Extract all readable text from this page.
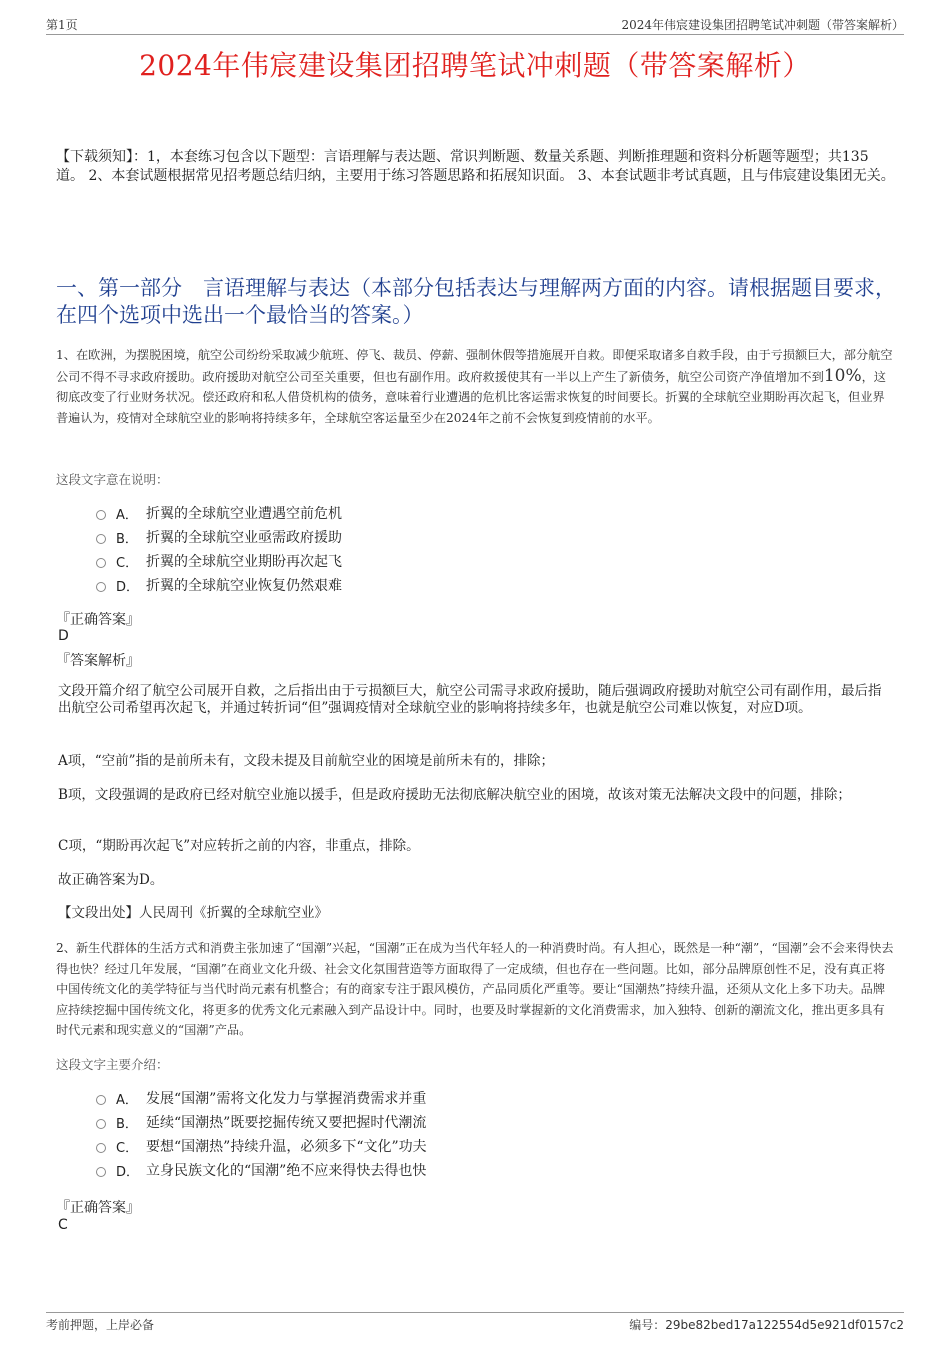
第1页	2024年伟宸建设集团招聘笔试冲刺题（带答案解析）
2024年伟宸建设集团招聘笔试冲刺题（带答案解析）
【下载须知】：1，本套练习包含以下题型：言语理解与表达题、常识判断题、数量关系题、判断推理题和资料分析题等题型；共135道。 2、本套试题根据常见招考题总结归纳，主要用于练习答题思路和拓展知识面。 3、本套试题非考试真题，且与伟宸建设集团无关。
一、第一部分　言语理解与表达（本部分包括表达与理解两方面的内容。请根据题目要求，在四个选项中选出一个最恰当的答案。）
1、在欧洲，为摆脱困境，航空公司纷纷采取减少航班、停飞、裁员、停薪、强制休假等措施展开自救。即便采取诸多自救手段，由于亏损额巨大，部分航空公司不得不寻求政府援助。政府援助对航空公司至关重要，但也有副作用。政府救援使其有一半以上产生了新债务，航空公司资产净值增加不到10%，这彻底改变了行业财务状况。偿还政府和私人借贷机构的债务，意味着行业遭遇的危机比客运需求恢复的时间要长。折翼的全球航空业期盼再次起飞，但业界普遍认为，疫情对全球航空业的影响将持续多年，全球航空客运量至少在2024年之前不会恢复到疫情前的水平。
这段文字意在说明：
A． 折翼的全球航空业遭遇空前危机
B． 折翼的全球航空业亟需政府援助
C． 折翼的全球航空业期盼再次起飞
D． 折翼的全球航空业恢复仍然艰难
『正确答案』
D
『答案解析』
文段开篇介绍了航空公司展开自救，之后指出由于亏损额巨大，航空公司需寻求政府援助，随后强调政府援助对航空公司有副作用，最后指出航空公司希望再次起飞，并通过转折词“但”强调疫情对全球航空业的影响将持续多年，也就是航空公司难以恢复，对应D项。
A项，“空前”指的是前所未有，文段未提及目前航空业的困境是前所未有的，排除；
B项，文段强调的是政府已经对航空业施以援手，但是政府援助无法彻底解决航空业的困境，故该对策无法解决文段中的问题，排除；
C项，“期盼再次起飞”对应转折之前的内容，非重点，排除。
故正确答案为D。
【文段出处】人民周刊《折翼的全球航空业》
2、新生代群体的生活方式和消费主张加速了“国潮”兴起，“国潮”正在成为当代年轻人的一种消费时尚。有人担心，既然是一种“潮”，“国潮”会不会来得快去得也快？经过几年发展，“国潮”在商业文化升级、社会文化氛围营造等方面取得了一定成绩，但也存在一些问题。比如，部分品牌原创性不足，没有真正将中国传统文化的美学特征与当代时尚元素有机整合；有的商家专注于跟风模仿，产品同质化严重等。要让“国潮热”持续升温，还须从文化上多下功夫。品牌应持续挖掘中国传统文化，将更多的优秀文化元素融入到产品设计中。同时，也要及时掌握新的文化消费需求，加入独特、创新的潮流文化，推出更多具有时代元素和现实意义的“国潮”产品。
这段文字主要介绍：
A． 发展“国潮”需将文化发力与掌握消费需求并重
B． 延续“国潮热”既要挖掘传统又要把握时代潮流
C． 要想“国潮热”持续升温，必须多下“文化”功夫
D． 立身民族文化的“国潮”绝不应来得快去得也快
『正确答案』
C
考前押题，上岸必备	编号：29be82bed17a122554d5e921df0157c2
